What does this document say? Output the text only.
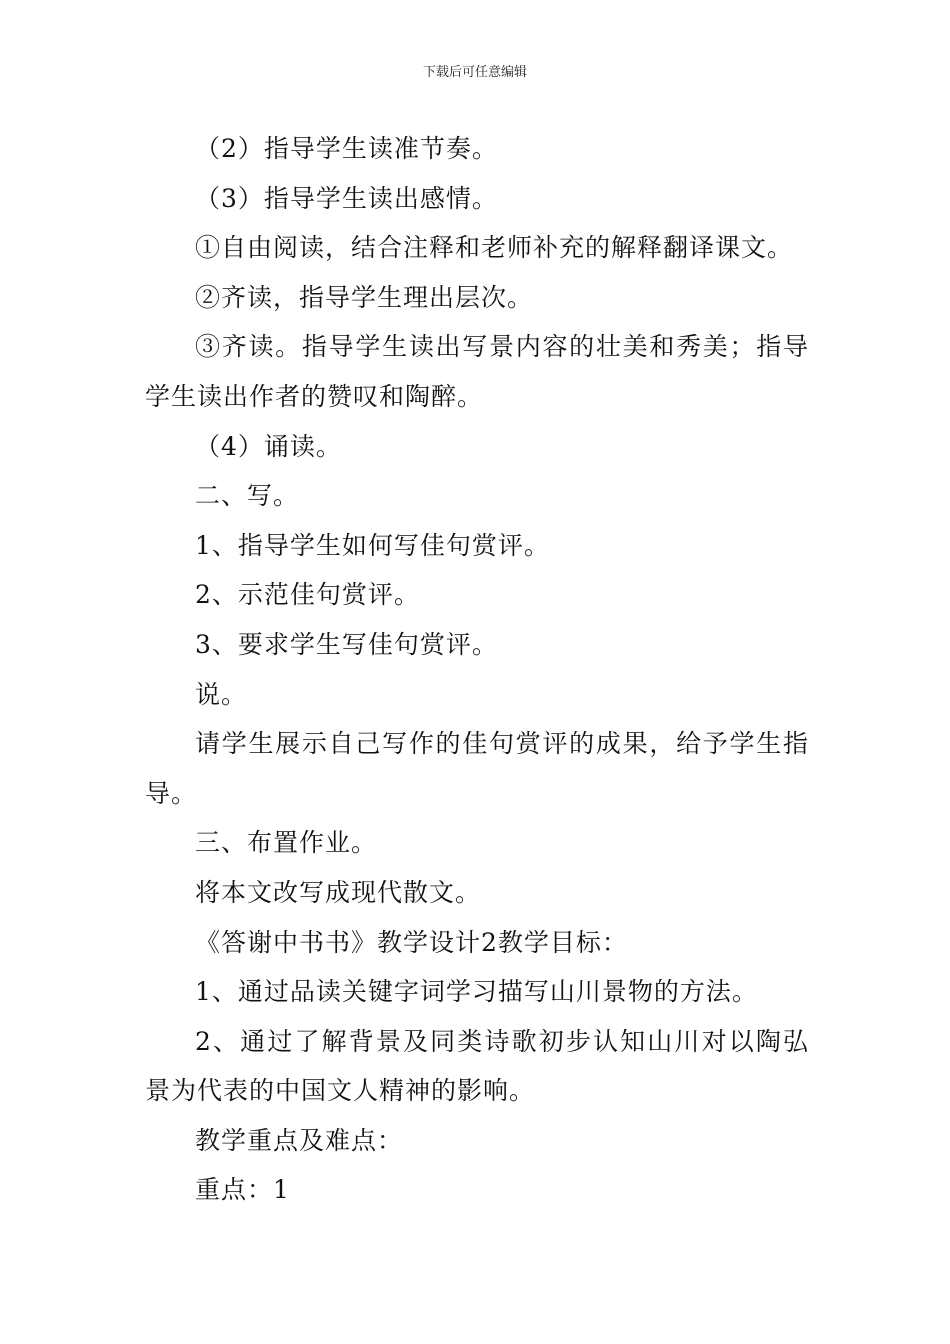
下载后可任意编辑

（2）指导学生读准节奏。

（3）指导学生读出感情。

①自由阅读，结合注释和老师补充的解释翻译课文。

②齐读，指导学生理出层次。

③齐读。指导学生读出写景内容的壮美和秀美；指导学生读出作者的赞叹和陶醉。

（4）诵读。

二、写。

1、指导学生如何写佳句赏评。

2、示范佳句赏评。

3、要求学生写佳句赏评。

说。

请学生展示自己写作的佳句赏评的成果，给予学生指导。

三、布置作业。

将本文改写成现代散文。

《答谢中书书》教学设计2教学目标：

1、通过品读关键字词学习描写山川景物的方法。

2、通过了解背景及同类诗歌初步认知山川对以陶弘景为代表的中国文人精神的影响。

教学重点及难点：

重点：1
